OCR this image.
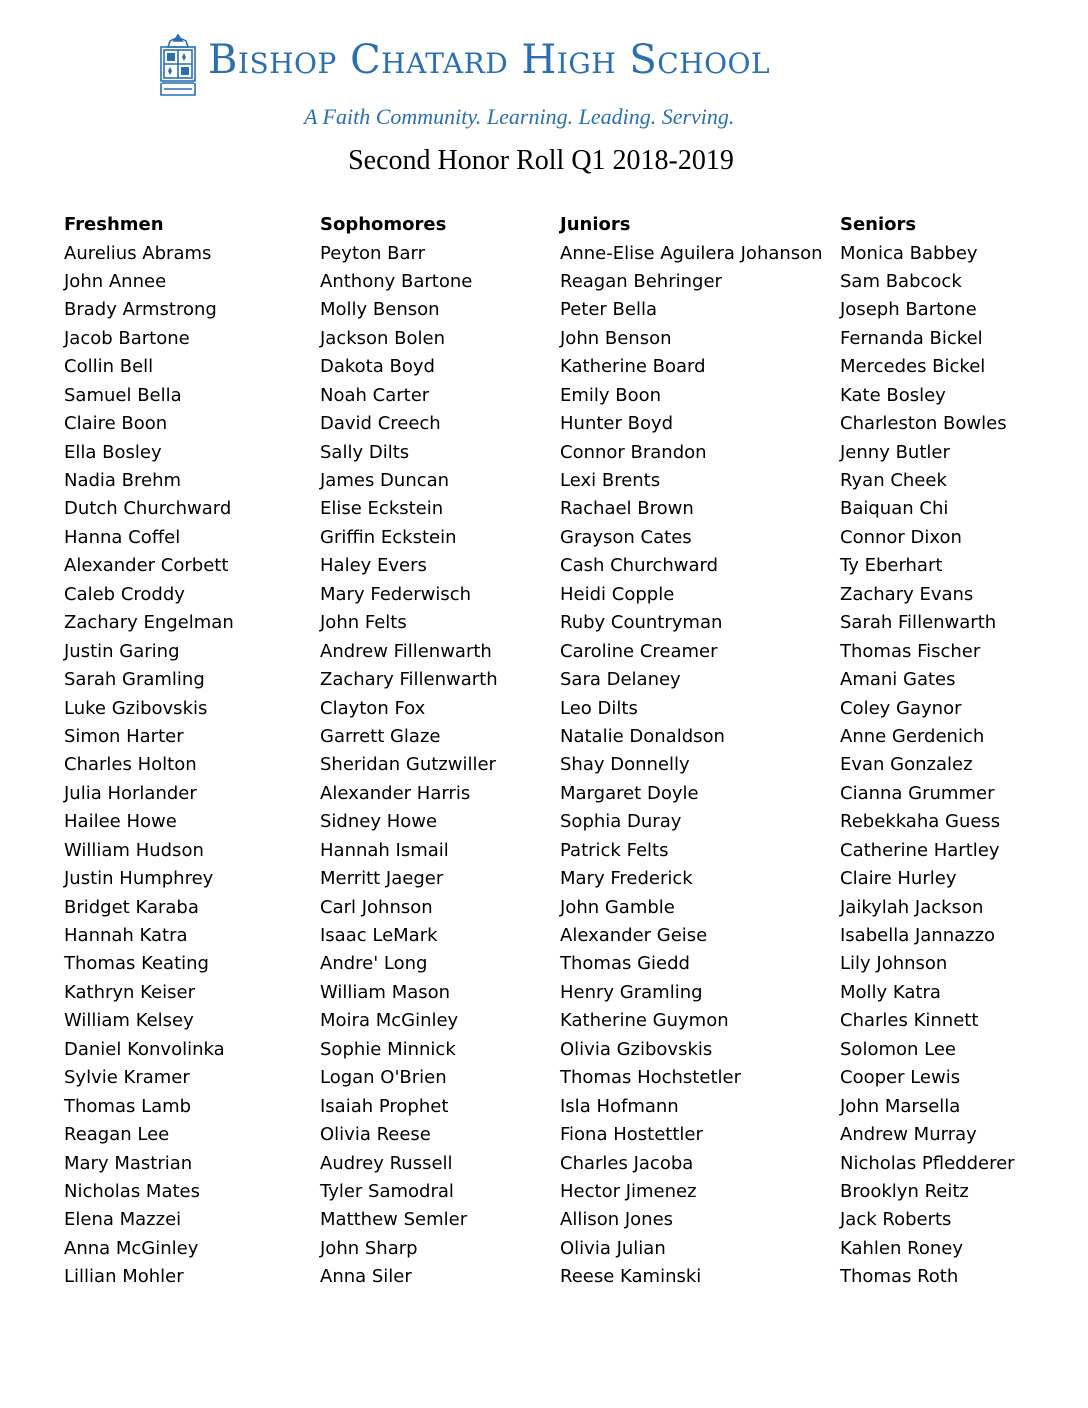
Bishop Chatard High School
A Faith Community. Learning. Leading. Serving.
Second Honor Roll Q1 2018-2019
Freshmen
Aurelius Abrams
John Annee
Brady Armstrong
Jacob Bartone
Collin Bell
Samuel Bella
Claire Boon
Ella Bosley
Nadia Brehm
Dutch Churchward
Hanna Coffel
Alexander Corbett
Caleb Croddy
Zachary Engelman
Justin Garing
Sarah Gramling
Luke Gzibovskis
Simon Harter
Charles Holton
Julia Horlander
Hailee Howe
William Hudson
Justin Humphrey
Bridget Karaba
Hannah Katra
Thomas Keating
Kathryn Keiser
William Kelsey
Daniel Konvolinka
Sylvie Kramer
Thomas Lamb
Reagan Lee
Mary Mastrian
Nicholas Mates
Elena Mazzei
Anna McGinley
Lillian Mohler
Sophomores
Peyton Barr
Anthony Bartone
Molly Benson
Jackson Bolen
Dakota Boyd
Noah Carter
David Creech
Sally Dilts
James Duncan
Elise Eckstein
Griffin Eckstein
Haley Evers
Mary Federwisch
John Felts
Andrew Fillenwarth
Zachary Fillenwarth
Clayton Fox
Garrett Glaze
Sheridan Gutzwiller
Alexander Harris
Sidney Howe
Hannah Ismail
Merritt Jaeger
Carl Johnson
Isaac LeMark
Andre' Long
William Mason
Moira McGinley
Sophie Minnick
Logan O'Brien
Isaiah Prophet
Olivia Reese
Audrey Russell
Tyler Samodral
Matthew Semler
John Sharp
Anna Siler
Juniors
Anne-Elise Aguilera Johanson
Reagan Behringer
Peter Bella
John Benson
Katherine Board
Emily Boon
Hunter Boyd
Connor Brandon
Lexi Brents
Rachael Brown
Grayson Cates
Cash Churchward
Heidi Copple
Ruby Countryman
Caroline Creamer
Sara Delaney
Leo Dilts
Natalie Donaldson
Shay Donnelly
Margaret Doyle
Sophia Duray
Patrick Felts
Mary Frederick
John Gamble
Alexander Geise
Thomas Giedd
Henry Gramling
Katherine Guymon
Olivia Gzibovskis
Thomas Hochstetler
Isla Hofmann
Fiona Hostettler
Charles Jacoba
Hector Jimenez
Allison Jones
Olivia Julian
Reese Kaminski
Seniors
Monica Babbey
Sam Babcock
Joseph Bartone
Fernanda Bickel
Mercedes Bickel
Kate Bosley
Charleston Bowles
Jenny Butler
Ryan Cheek
Baiquan Chi
Connor Dixon
Ty Eberhart
Zachary Evans
Sarah Fillenwarth
Thomas Fischer
Amani Gates
Coley Gaynor
Anne Gerdenich
Evan Gonzalez
Cianna Grummer
Rebekkaha Guess
Catherine Hartley
Claire Hurley
Jaikylah Jackson
Isabella Jannazzo
Lily Johnson
Molly Katra
Charles Kinnett
Solomon Lee
Cooper Lewis
John Marsella
Andrew Murray
Nicholas Pfledderer
Brooklyn Reitz
Jack Roberts
Kahlen Roney
Thomas Roth
